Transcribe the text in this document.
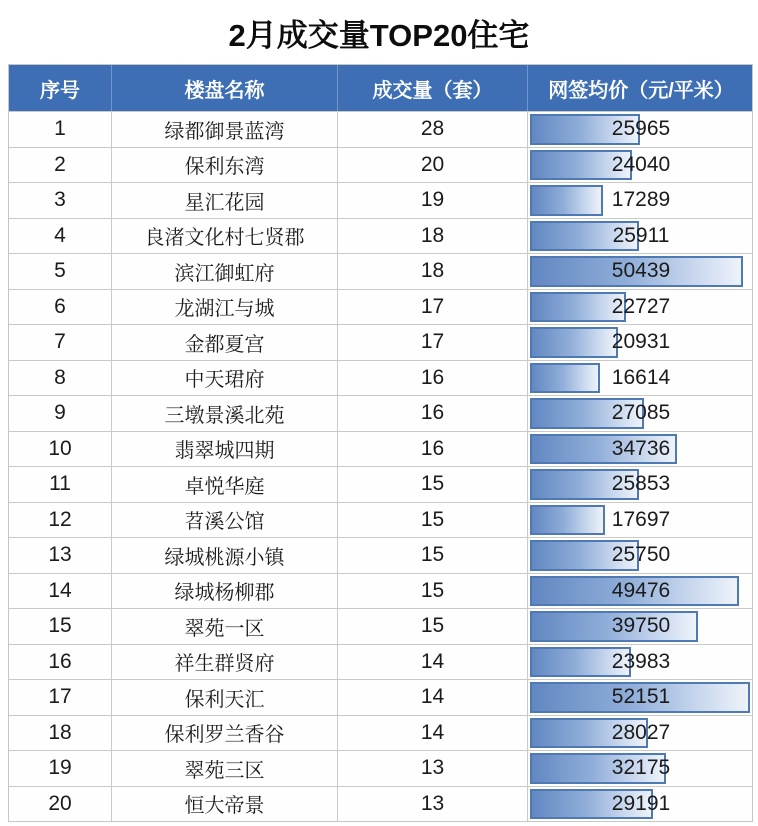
2月成交量TOP20住宅
序号	楼盘名称	成交量（套）	网签均价（元/平米）
1	绿都御景蓝湾	28	25965
2	保利东湾	20	24040
3	星汇花园	19	17289
4	良渚文化村七贤郡	18	25911
5	滨江御虹府	18	50439
6	龙湖江与城	17	22727
7	金都夏宫	17	20931
8	中天珺府	16	16614
9	三墩景溪北苑	16	27085
10	翡翠城四期	16	34736
11	卓悦华庭	15	25853
12	苕溪公馆	15	17697
13	绿城桃源小镇	15	25750
14	绿城杨柳郡	15	49476
15	翠苑一区	15	39750
16	祥生群贤府	14	23983
17	保利天汇	14	52151
18	保利罗兰香谷	14	28027
19	翠苑三区	13	32175
20	恒大帝景	13	29191
